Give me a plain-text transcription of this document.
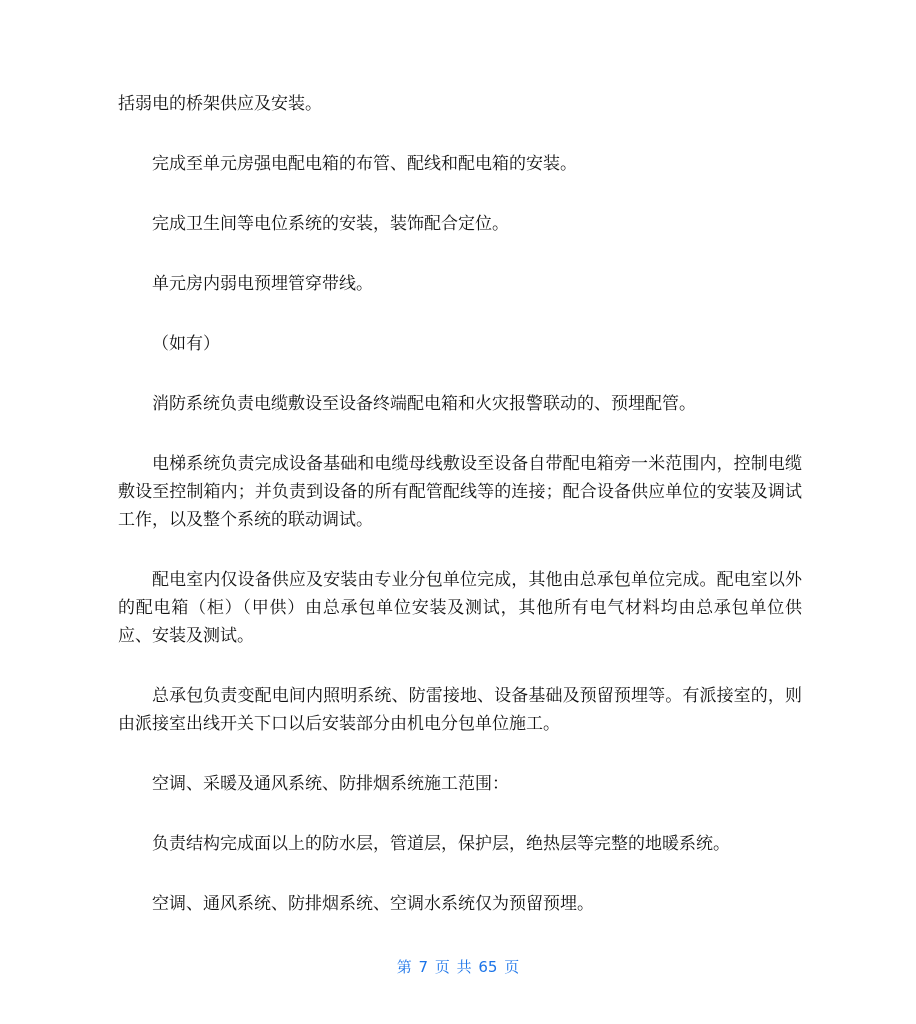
括弱电的桥架供应及安装。

完成至单元房强电配电箱的布管、配线和配电箱的安装。

完成卫生间等电位系统的安装，装饰配合定位。

单元房内弱电预埋管穿带线。

（如有）

消防系统负责电缆敷设至设备终端配电箱和火灾报警联动的、预埋配管。

电梯系统负责完成设备基础和电缆母线敷设至设备自带配电箱旁一米范围内，控制电缆敷设至控制箱内；并负责到设备的所有配管配线等的连接；配合设备供应单位的安装及调试工作，以及整个系统的联动调试。

配电室内仅设备供应及安装由专业分包单位完成，其他由总承包单位完成。配电室以外的配电箱（柜）（甲供）由总承包单位安装及测试，其他所有电气材料均由总承包单位供应、安装及测试。

总承包负责变配电间内照明系统、防雷接地、设备基础及预留预埋等。有派接室的，则由派接室出线开关下口以后安装部分由机电分包单位施工。

空调、采暖及通风系统、防排烟系统施工范围：

负责结构完成面以上的防水层，管道层，保护层，绝热层等完整的地暖系统。

空调、通风系统、防排烟系统、空调水系统仅为预留预埋。

第 7 页 共 65 页
